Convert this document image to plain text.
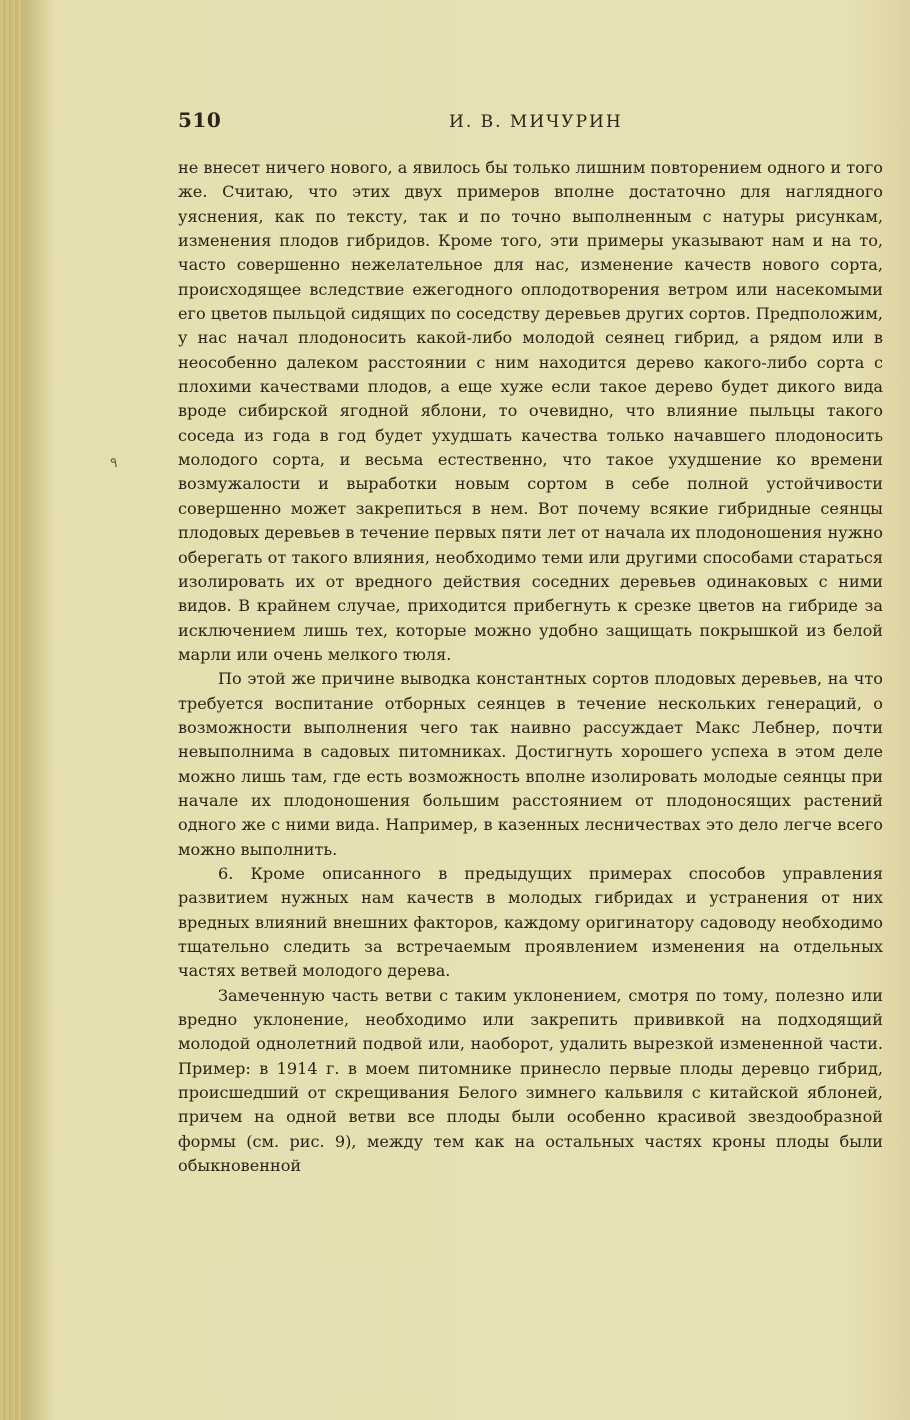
510	И. В. МИЧУРИН
٩

не внесет ничего нового, а явилось бы только лишним повторением одного и того же. Считаю, что этих двух примеров вполне достаточно для наглядного уяснения, как по тексту, так и по точно выполненным с натуры рисункам, изменения плодов гибридов. Кроме того, эти примеры указывают нам и на то, часто совершенно нежелательное для нас, изменение качеств нового сорта, происходящее вследствие ежегодного оплодотворения ветром или насекомыми его цветов пыльцой сидящих по соседству деревьев других сортов. Предположим, у нас начал плодоносить какой-либо молодой сеянец гибрид, а рядом или в неособенно далеком расстоянии с ним находится дерево какого-либо сорта с плохими качествами плодов, а еще хуже если такое дерево будет дикого вида вроде сибирской ягодной яблони, то очевидно, что влияние пыльцы такого соседа из года в год будет ухудшать качества только начавшего плодоносить молодого сорта, и весьма естественно, что такое ухудшение ко времени возмужалости и выработки новым сортом в себе полной устойчивости совершенно может закрепиться в нем. Вот почему всякие гибридные сеянцы плодовых деревьев в течение первых пяти лет от начала их плодоношения нужно оберегать от такого влияния, необходимо теми или другими способами стараться изолировать их от вредного действия соседних деревьев одинаковых с ними видов. В крайнем случае, приходится прибегнуть к срезке цветов на гибриде за исключением лишь тех, которые можно удобно защищать покрышкой из белой марли или очень мелкого тюля.

По этой же причине выводка константных сортов плодовых деревьев, на что требуется воспитание отборных сеянцев в течение нескольких генераций, о возможности выполнения чего так наивно рассуждает Макс Лебнер, почти невыполнима в садовых питомниках. Достигнуть хорошего успеха в этом деле можно лишь там, где есть возможность вполне изолировать молодые сеянцы при начале их плодоношения большим расстоянием от плодоносящих растений одного же с ними вида. Например, в казенных лесничествах это дело легче всего можно выполнить.

6. Кроме описанного в предыдущих примерах способов управления развитием нужных нам качеств в молодых гибридах и устранения от них вредных влияний внешних факторов, каждому оригинатору садоводу необходимо тщательно следить за встречаемым проявлением изменения на отдельных частях ветвей молодого дерева.

Замеченную часть ветви с таким уклонением, смотря по тому, полезно или вредно уклонение, необходимо или закрепить прививкой на подходящий молодой однолетний подвой или, наоборот, удалить вырезкой измененной части. Пример: в 1914 г. в моем питомнике принесло первые плоды деревцо гибрид, происшедший от скрещивания Белого зимнего кальвиля с китайской яблоней, причем на одной ветви все плоды были особенно красивой звездообразной формы (см. рис. 9), между тем как на остальных частях кроны плоды были обыкновенной
